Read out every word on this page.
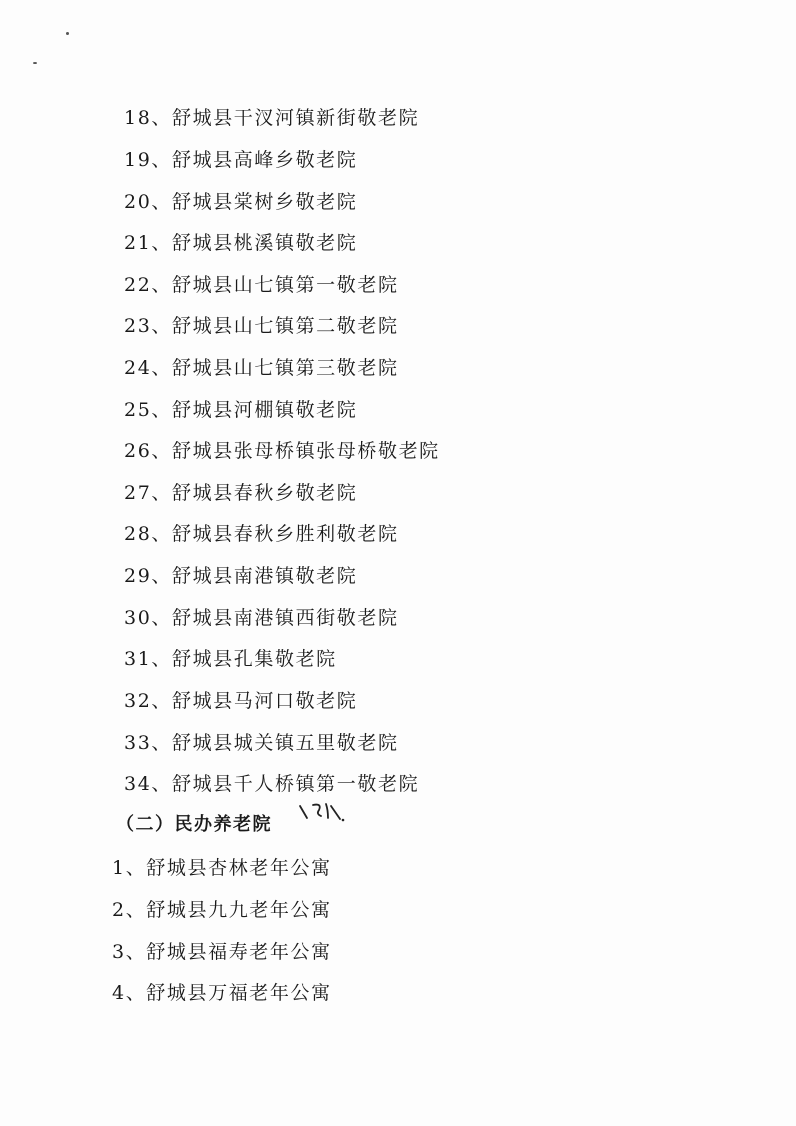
18、舒城县干汊河镇新街敬老院
19、舒城县高峰乡敬老院
20、舒城县棠树乡敬老院
21、舒城县桃溪镇敬老院
22、舒城县山七镇第一敬老院
23、舒城县山七镇第二敬老院
24、舒城县山七镇第三敬老院
25、舒城县河棚镇敬老院
26、舒城县张母桥镇张母桥敬老院
27、舒城县春秋乡敬老院
28、舒城县春秋乡胜利敬老院
29、舒城县南港镇敬老院
30、舒城县南港镇西街敬老院
31、舒城县孔集敬老院
32、舒城县马河口敬老院
33、舒城县城关镇五里敬老院
34、舒城县千人桥镇第一敬老院
（二）民办养老院
1、舒城县杏林老年公寓
2、舒城县九九老年公寓
3、舒城县福寿老年公寓
4、舒城县万福老年公寓
